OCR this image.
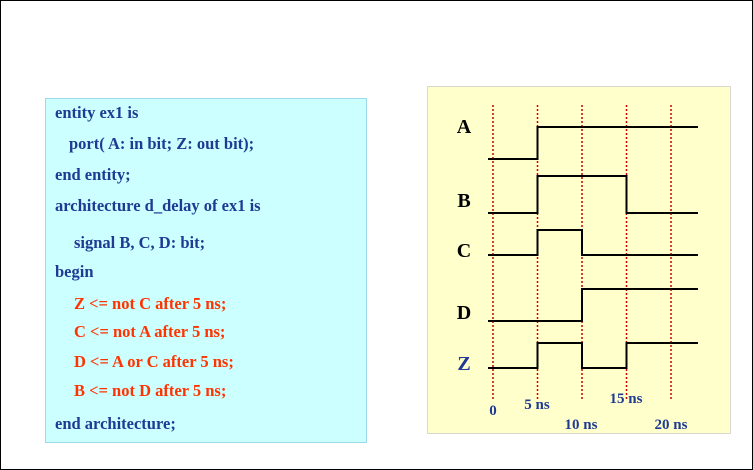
entity ex1 is
port( A: in bit; Z: out bit);
end entity;
architecture d_delay of ex1 is
signal B, C, D: bit;
begin
Z <= not C after 5 ns;
C <= not A after 5 ns;
D <= A or C after 5 ns;
B <= not D after 5 ns;
end architecture;
A
B
C
D
Z
0 5 ns
10 ns
15 ns
20 ns
